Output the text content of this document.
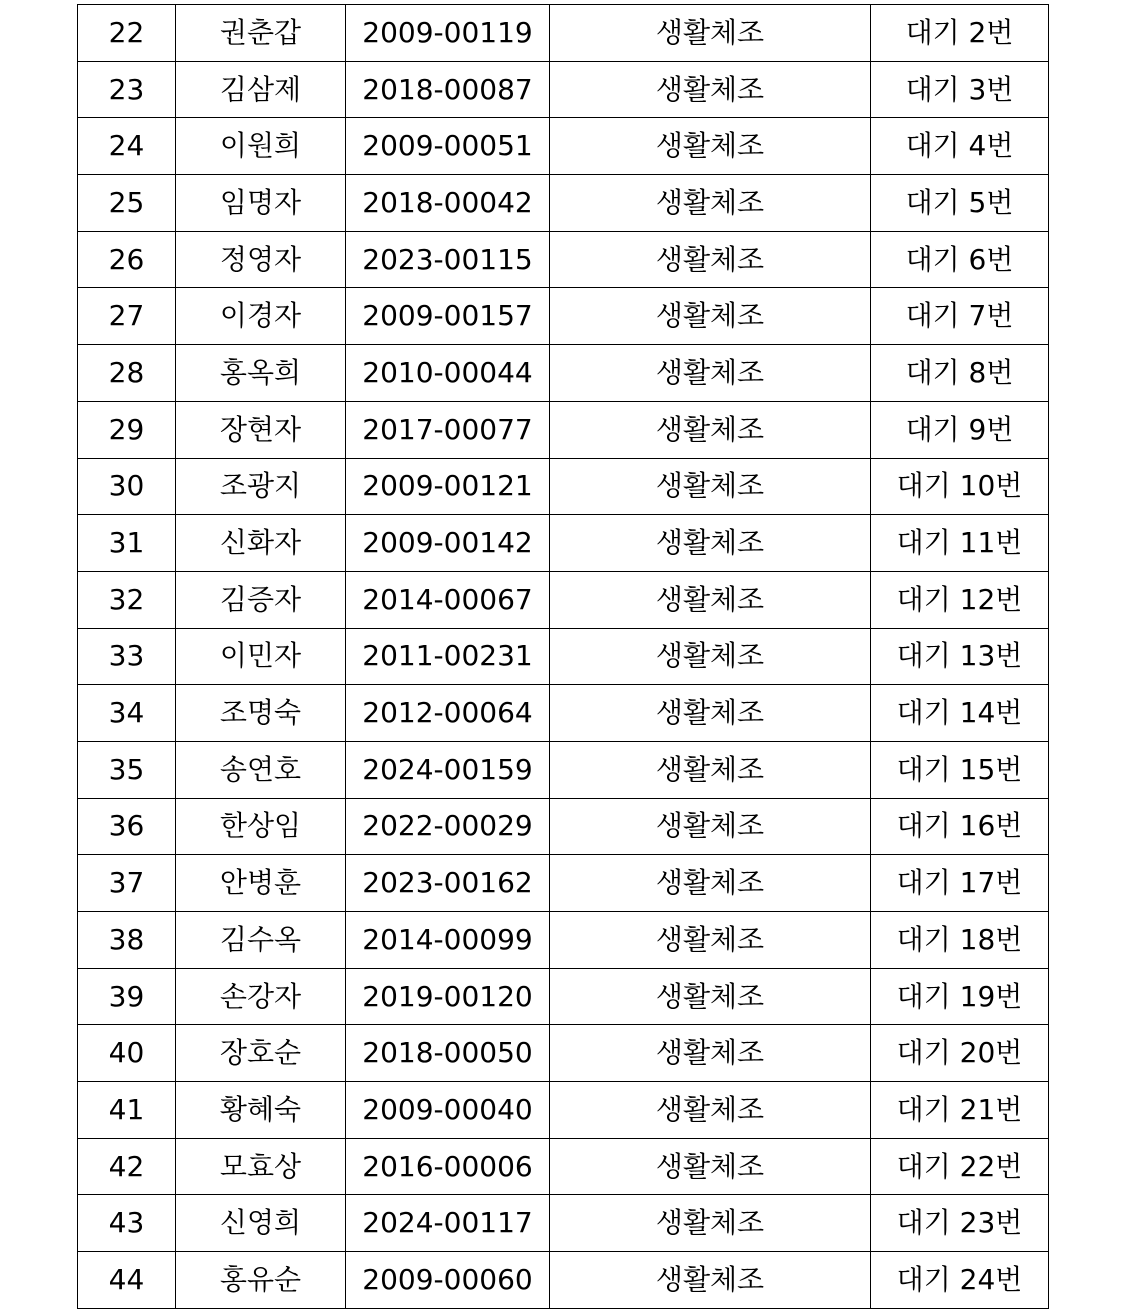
22	권춘갑	2009-00119	생활체조	대기 2번
23	김삼제	2018-00087	생활체조	대기 3번
24	이원희	2009-00051	생활체조	대기 4번
25	임명자	2018-00042	생활체조	대기 5번
26	정영자	2023-00115	생활체조	대기 6번
27	이경자	2009-00157	생활체조	대기 7번
28	홍옥희	2010-00044	생활체조	대기 8번
29	장현자	2017-00077	생활체조	대기 9번
30	조광지	2009-00121	생활체조	대기 10번
31	신화자	2009-00142	생활체조	대기 11번
32	김증자	2014-00067	생활체조	대기 12번
33	이민자	2011-00231	생활체조	대기 13번
34	조명숙	2012-00064	생활체조	대기 14번
35	송연호	2024-00159	생활체조	대기 15번
36	한상임	2022-00029	생활체조	대기 16번
37	안병훈	2023-00162	생활체조	대기 17번
38	김수옥	2014-00099	생활체조	대기 18번
39	손강자	2019-00120	생활체조	대기 19번
40	장호순	2018-00050	생활체조	대기 20번
41	황혜숙	2009-00040	생활체조	대기 21번
42	모효상	2016-00006	생활체조	대기 22번
43	신영희	2024-00117	생활체조	대기 23번
44	홍유순	2009-00060	생활체조	대기 24번
